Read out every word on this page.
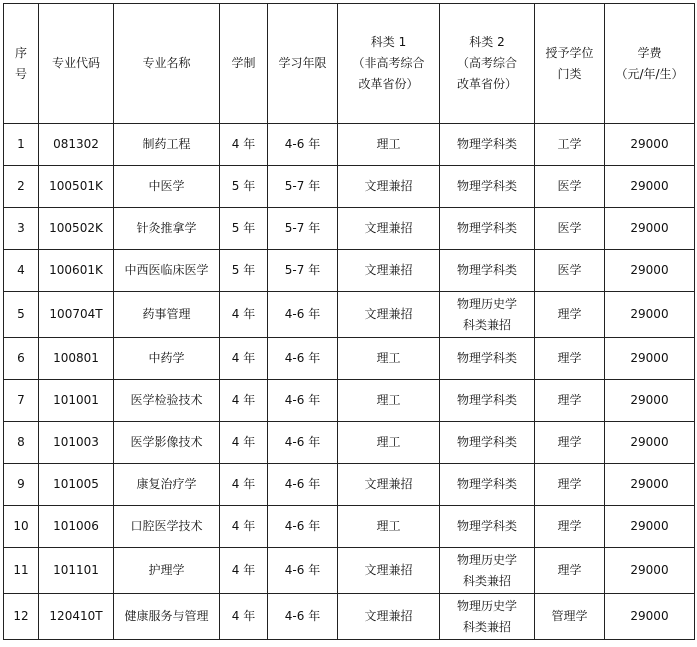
序
号	专业代码	专业名称	学制	学习年限	科类 1
（非高考综合
改革省份）	科类 2
（高考综合
改革省份）	授予学位
门类	学费
（元/年/生）

1	081302	制药工程	4 年	4-6 年	理工	物理学科类	工学	29000
2	100501K	中医学	5 年	5-7 年	文理兼招	物理学科类	医学	29000
3	100502K	针灸推拿学	5 年	5-7 年	文理兼招	物理学科类	医学	29000
4	100601K	中西医临床医学	5 年	5-7 年	文理兼招	物理学科类	医学	29000
5	100704T	药事管理	4 年	4-6 年	文理兼招	物理历史学
科类兼招	理学	29000
6	100801	中药学	4 年	4-6 年	理工	物理学科类	理学	29000
7	101001	医学检验技术	4 年	4-6 年	理工	物理学科类	理学	29000
8	101003	医学影像技术	4 年	4-6 年	理工	物理学科类	理学	29000
9	101005	康复治疗学	4 年	4-6 年	文理兼招	物理学科类	理学	29000
10	101006	口腔医学技术	4 年	4-6 年	理工	物理学科类	理学	29000
11	101101	护理学	4 年	4-6 年	文理兼招	物理历史学
科类兼招	理学	29000
12	120410T	健康服务与管理	4 年	4-6 年	文理兼招	物理历史学
科类兼招	管理学	29000
